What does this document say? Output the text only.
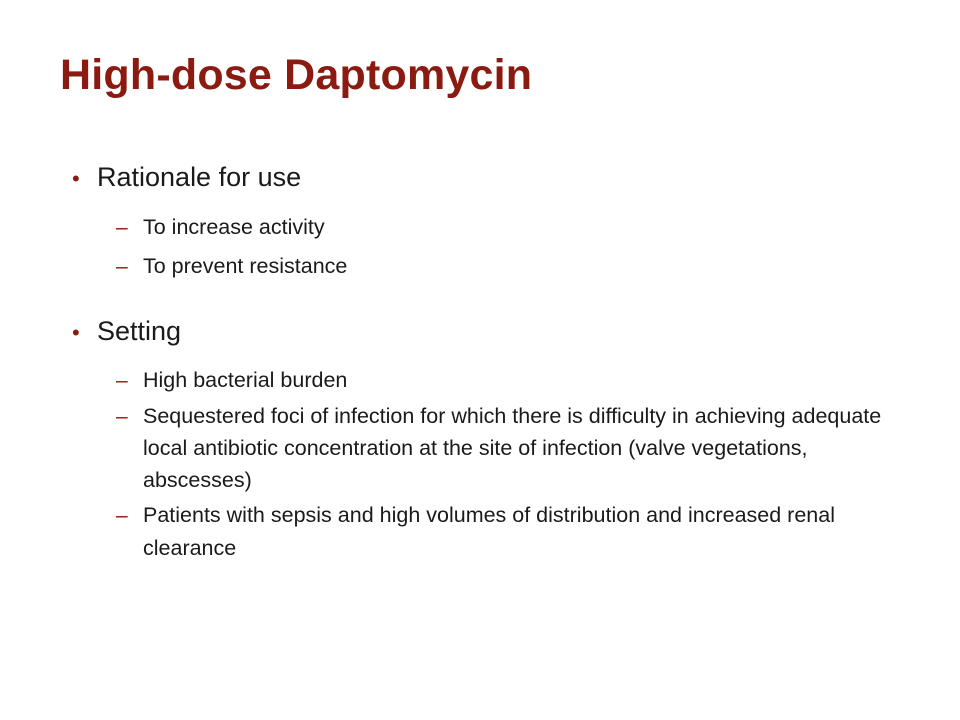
High-dose Daptomycin
• Rationale for use
– To increase activity
– To prevent resistance
• Setting
– High bacterial burden
– Sequestered foci of infection for which there is difficulty in achieving adequate local antibiotic concentration at the site of infection (valve vegetations, abscesses)
– Patients with sepsis and high volumes of distribution and increased renal clearance
